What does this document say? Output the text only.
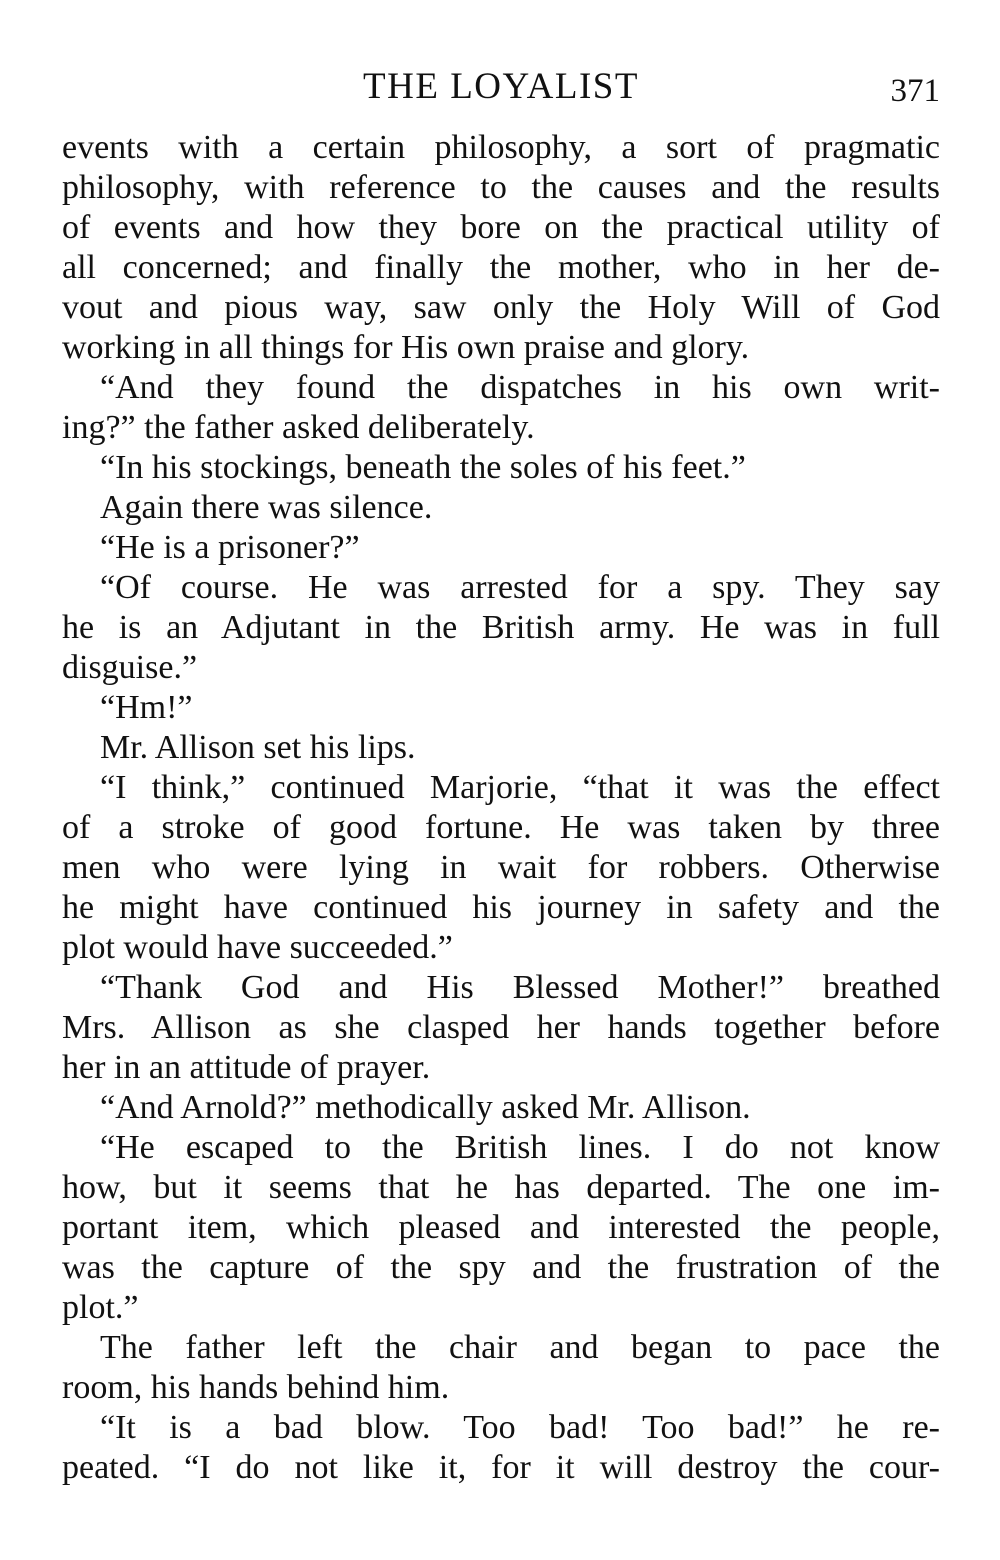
THE LOYALIST	371
events with a certain philosophy, a sort of pragmatic
philosophy, with reference to the causes and the results
of events and how they bore on the practical utility of
all concerned; and finally the mother, who in her de-
vout and pious way, saw only the Holy Will of God
working in all things for His own praise and glory.
“And they found the dispatches in his own writ-
ing?” the father asked deliberately.
“In his stockings, beneath the soles of his feet.”
Again there was silence.
“He is a prisoner?”
“Of course. He was arrested for a spy. They say
he is an Adjutant in the British army. He was in full
disguise.”
“Hm!”
Mr. Allison set his lips.
“I think,” continued Marjorie, “that it was the effect
of a stroke of good fortune. He was taken by three
men who were lying in wait for robbers. Otherwise
he might have continued his journey in safety and the
plot would have succeeded.”
“Thank God and His Blessed Mother!” breathed
Mrs. Allison as she clasped her hands together before
her in an attitude of prayer.
“And Arnold?” methodically asked Mr. Allison.
“He escaped to the British lines. I do not know
how, but it seems that he has departed. The one im-
portant item, which pleased and interested the people,
was the capture of the spy and the frustration of the
plot.”
The father left the chair and began to pace the
room, his hands behind him.
“It is a bad blow. Too bad! Too bad!” he re-
peated. “I do not like it, for it will destroy the cour-
